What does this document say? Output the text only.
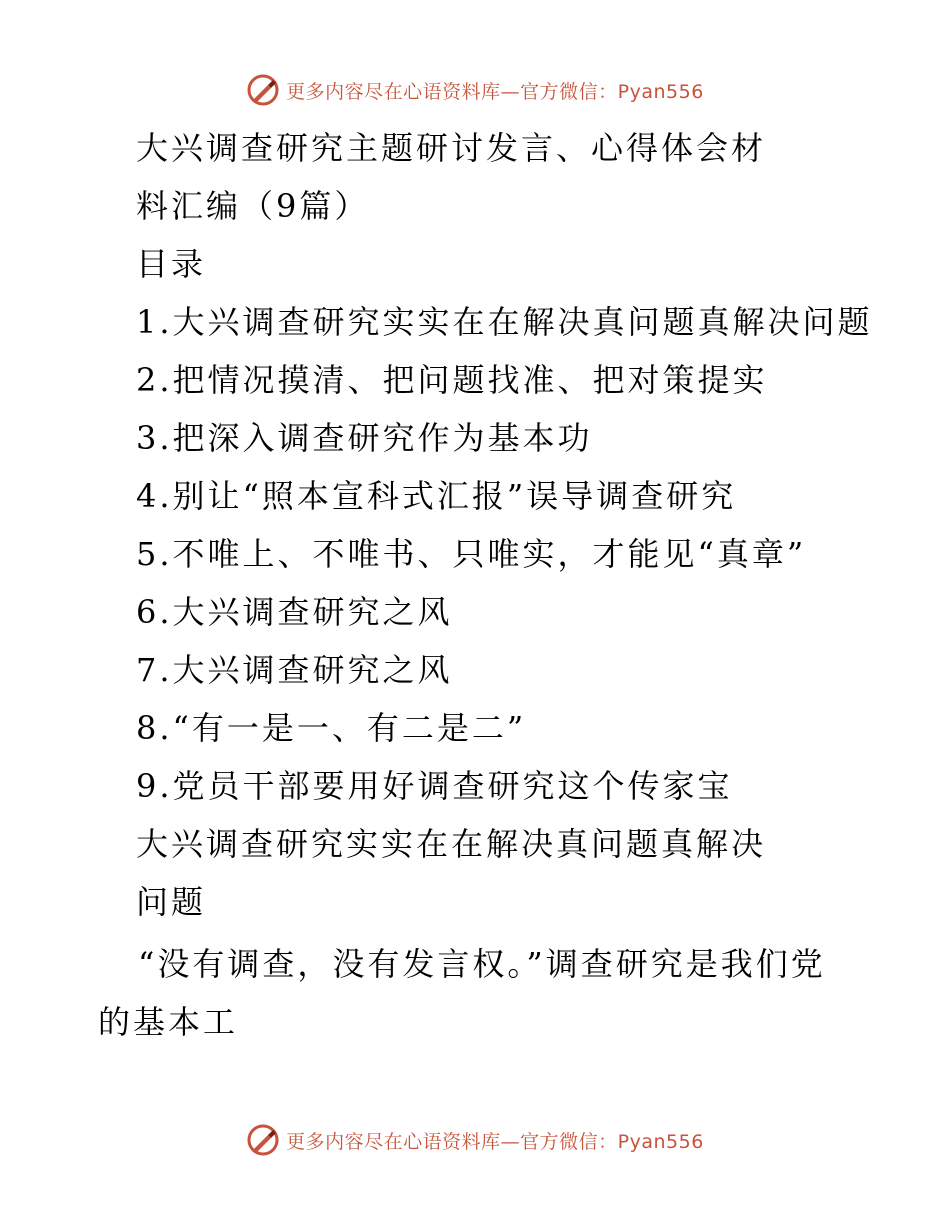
更多内容尽在心语资料库—官方微信：Pyan556
大兴调查研究主题研讨发言、心得体会材
料汇编（9篇）
目录
1.大兴调查研究实实在在解决真问题真解决问题
2.把情况摸清、把问题找准、把对策提实
3.把深入调查研究作为基本功
4.别让“照本宣科式汇报”误导调查研究
5.不唯上、不唯书、只唯实，才能见“真章”
6.大兴调查研究之风
7.大兴调查研究之风
8.“有一是一、有二是二”
9.党员干部要用好调查研究这个传家宝
大兴调查研究实实在在解决真问题真解决
问题
“没有调查，没有发言权。”调查研究是我们党
的基本工
更多内容尽在心语资料库—官方微信：Pyan556
